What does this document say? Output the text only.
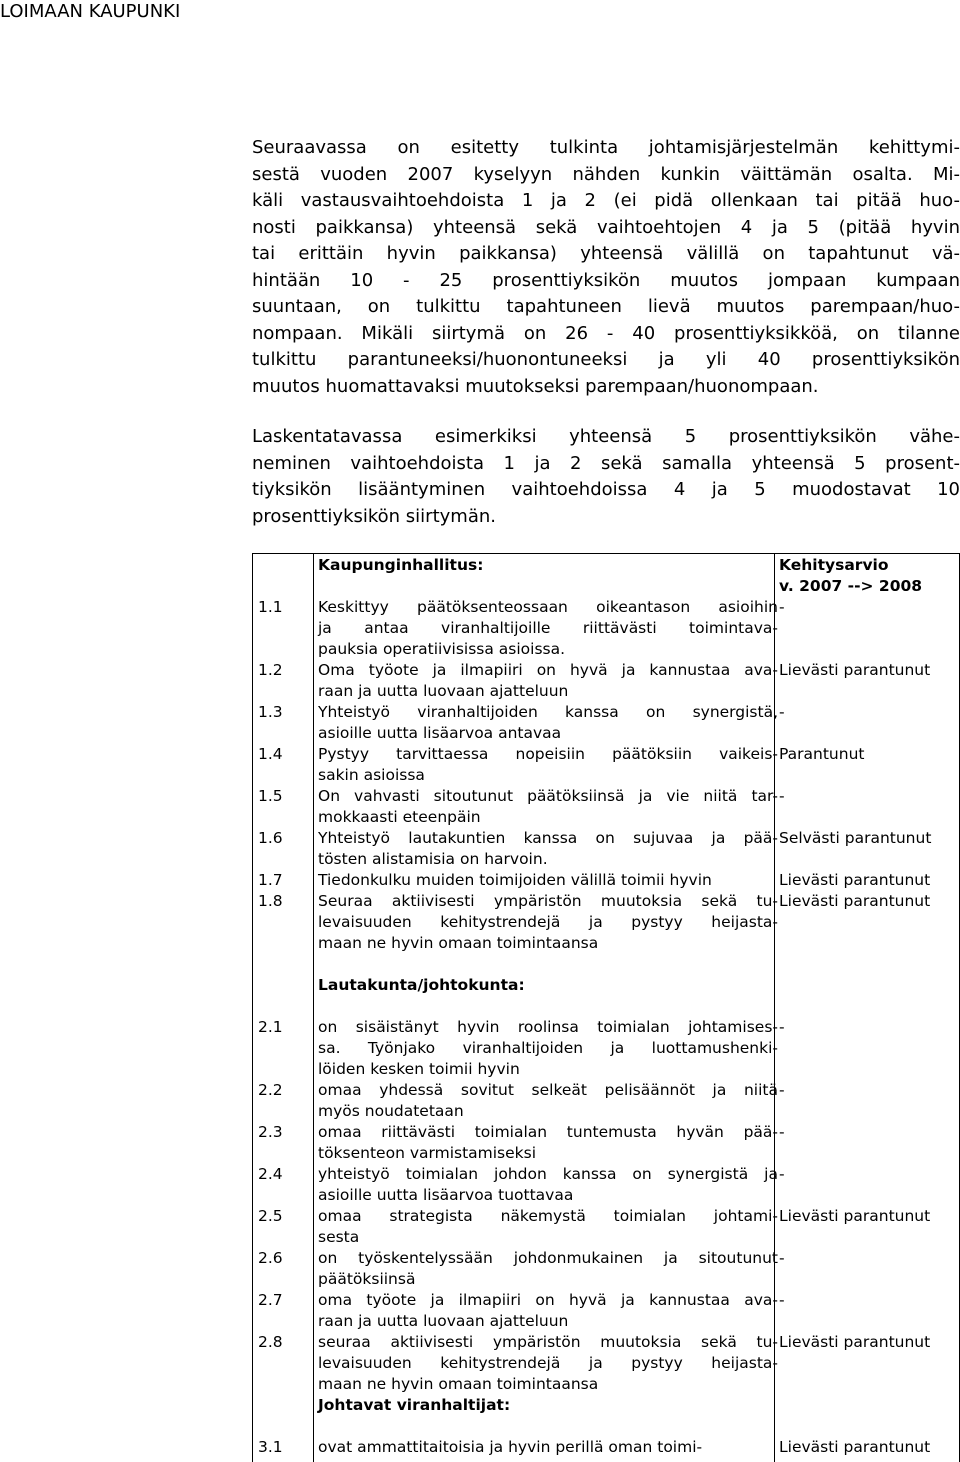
LOIMAAN KAUPUNKI
Seuraavassa on esitetty tulkinta johtamisjärjestelmän kehittymi-
sestä vuoden 2007 kyselyyn nähden kunkin väittämän osalta. Mi-
käli vastausvaihtoehdoista 1 ja 2 (ei pidä ollenkaan tai pitää huo-
nosti paikkansa) yhteensä sekä vaihtoehtojen 4 ja 5 (pitää hyvin
tai erittäin hyvin paikkansa) yhteensä välillä on tapahtunut vä-
hintään 10 - 25 prosenttiyksikön muutos jompaan kumpaan
suuntaan, on tulkittu tapahtuneen lievä muutos parempaan/huo-
nompaan. Mikäli siirtymä on 26 - 40 prosenttiyksikköä, on tilanne
tulkittu parantuneeksi/huonontuneeksi ja yli 40 prosenttiyksikön
muutos huomattavaksi muutokseksi parempaan/huonompaan.
Laskentatavassa esimerkiksi yhteensä 5 prosenttiyksikön vähe-
neminen vaihtoehdoista 1 ja 2 sekä samalla yhteensä 5 prosent-
tiyksikön lisääntyminen vaihtoehdoissa 4 ja 5 muodostavat 10
prosenttiyksikön siirtymän.
Kehitysarvio
v. 2007 --> 2008
Kaupunginhallitus:
1.1 Keskittyy päätöksenteossaan oikeantason asioihin
ja antaa viranhaltijoille riittävästi toimintava-
pauksia operatiivisissa asioissa.
-
1.2 Oma työote ja ilmapiiri on hyvä ja kannustaa ava-
raan ja uutta luovaan ajatteluun
Lievästi parantunut
1.3 Yhteistyö viranhaltijoiden kanssa on synergistä,
asioille uutta lisäarvoa antavaa
-
1.4 Pystyy tarvittaessa nopeisiin päätöksiin vaikeis-
sakin asioissa
Parantunut
1.5 On vahvasti sitoutunut päätöksiinsä ja vie niitä tar-
mokkaasti eteenpäin
-
1.6 Yhteistyö lautakuntien kanssa on sujuvaa ja pää-
tösten alistamisia on harvoin.
Selvästi parantunut
1.7 Tiedonkulku muiden toimijoiden välillä toimii hyvin	Lievästi parantunut
1.8 Seuraa aktiivisesti ympäristön muutoksia sekä tu-
levaisuuden kehitystrendejä ja pystyy heijasta-
maan ne hyvin omaan toimintaansa
Lievästi parantunut
Lautakunta/johtokunta:
2.1 on sisäistänyt hyvin roolinsa toimialan johtamises-
sa. Työnjako viranhaltijoiden ja luottamushenki-
löiden kesken toimii hyvin
-
2.2 omaa yhdessä sovitut selkeät pelisäännöt ja niitä
myös noudatetaan
-
2.3 omaa riittävästi toimialan tuntemusta hyvän pää-
töksenteon varmistamiseksi
-
2.4 yhteistyö toimialan johdon kanssa on synergistä ja
asioille uutta lisäarvoa tuottavaa
-
2.5 omaa strategista näkemystä toimialan johtami-
sesta
Lievästi parantunut
2.6 on työskentelyssään johdonmukainen ja sitoutunut
päätöksiinsä
-
2.7 oma työote ja ilmapiiri on hyvä ja kannustaa ava-
raan ja uutta luovaan ajatteluun
-
2.8 seuraa aktiivisesti ympäristön muutoksia sekä tu-
levaisuuden kehitystrendejä ja pystyy heijasta-
maan ne hyvin omaan toimintaansa
Lievästi parantunut
Johtavat viranhaltijat:
3.1 ovat ammattitaitoisia ja hyvin perillä oman toimi-	Lievästi parantunut
